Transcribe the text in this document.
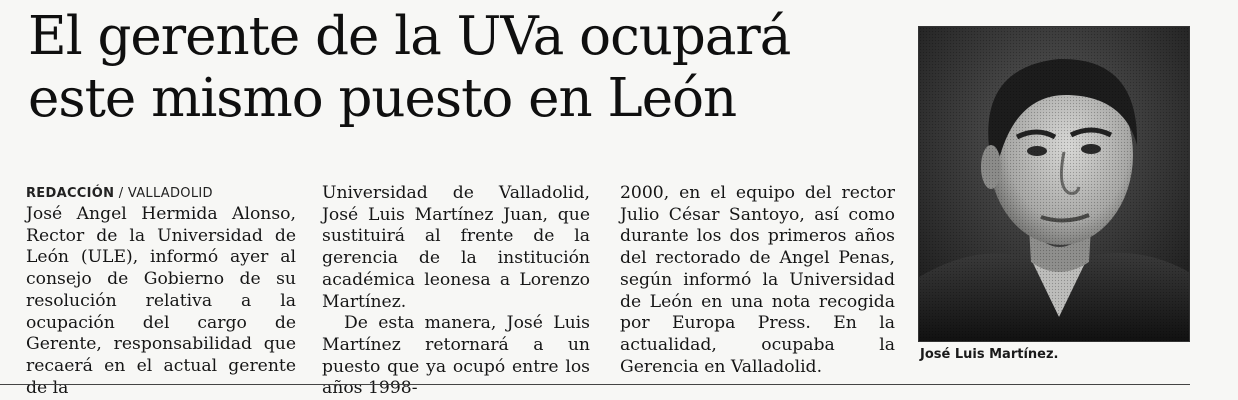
El gerente de la UVa ocupará este mismo puesto en León
REDACCIÓN / VALLADOLID

José Angel Hermida Alonso, Rector de la Universidad de León (ULE), informó ayer al consejo de Gobierno de su resolución relativa a la ocupación del cargo de Gerente, responsabilidad que recaerá en el actual gerente de la

Universidad de Valladolid, José Luis Martínez Juan, que sustituirá al frente de la gerencia de la institución académica leonesa a Lorenzo Martínez.

De esta manera, José Luis Martínez retornará a un puesto que ya ocupó entre los años 1998-

2000, en el equipo del rector Julio César Santoyo, así como durante los dos primeros años del rectorado de Angel Penas, según informó la Universidad de León en una nota recogida por Europa Press. En la actualidad, ocupaba la Gerencia en Valladolid.

José Luis Martínez.
